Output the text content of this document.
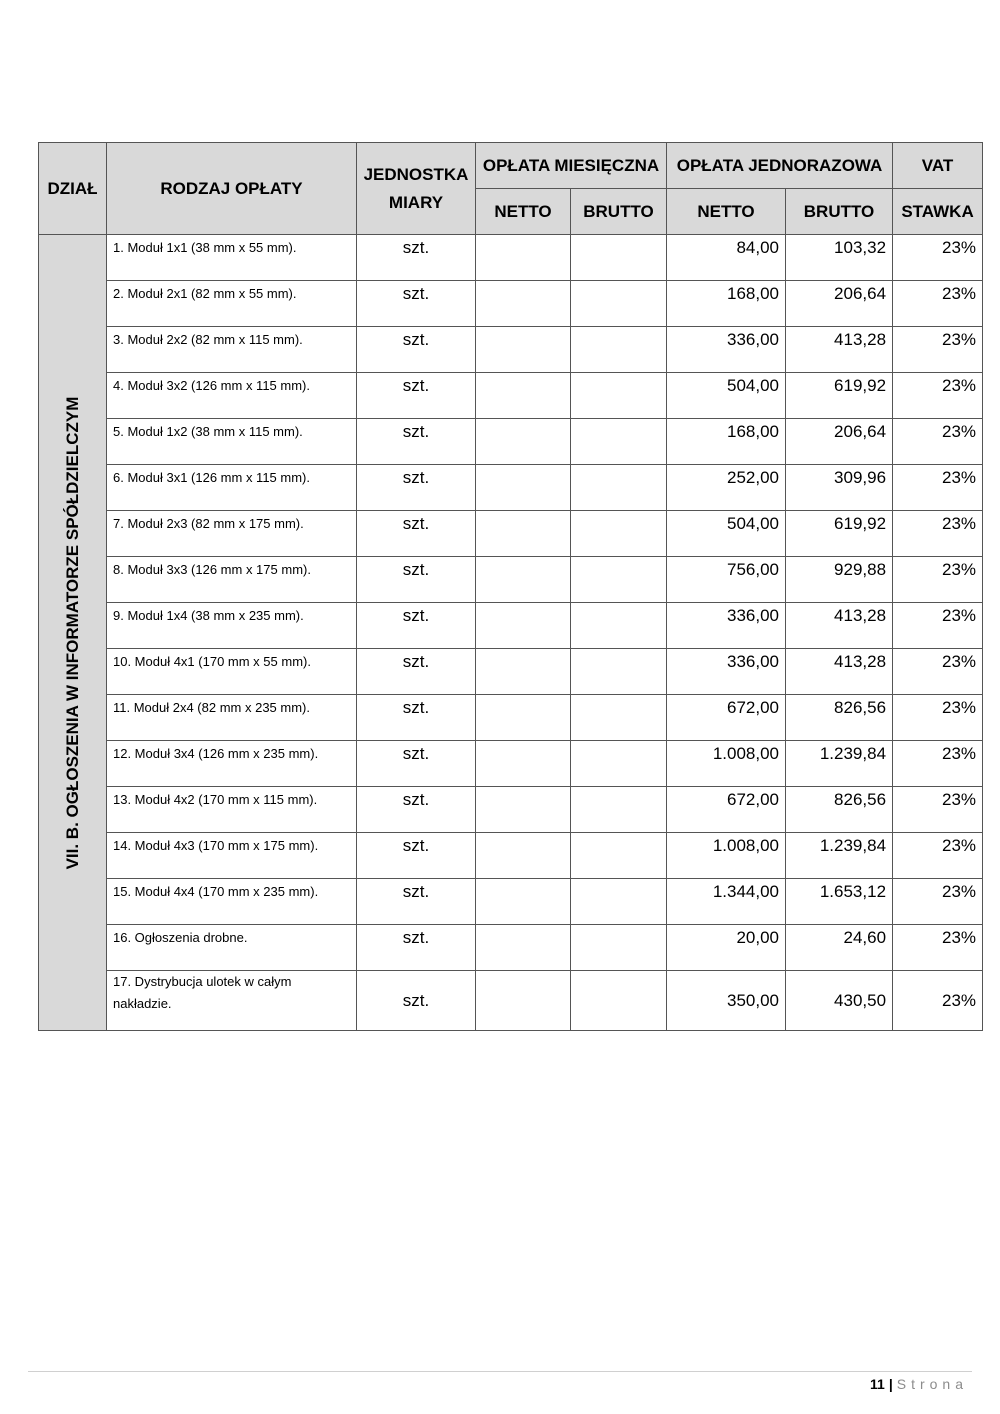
DZIAŁ	RODZAJ OPŁATY	JEDNOSTKA MIARY	OPŁATA MIESIĘCZNA		OPŁATA JEDNORAZOWA		VAT
			NETTO	BRUTTO	NETTO	BRUTTO	STAWKA

VII. B. OGŁOSZENIA W INFORMATORZE SPÓŁDZIELCZYM	1. Moduł 1x1 (38 mm x 55 mm).	szt.			84,00	103,32	23%
	2. Moduł 2x1 (82 mm x 55 mm).	szt.			168,00	206,64	23%
	3. Moduł 2x2 (82 mm x 115 mm).	szt.			336,00	413,28	23%
	4. Moduł 3x2 (126 mm x 115 mm).	szt.			504,00	619,92	23%
	5. Moduł 1x2 (38 mm x 115 mm).	szt.			168,00	206,64	23%
	6. Moduł 3x1 (126 mm x 115 mm).	szt.			252,00	309,96	23%
	7. Moduł 2x3 (82 mm x 175 mm).	szt.			504,00	619,92	23%
	8. Moduł 3x3 (126 mm x 175 mm).	szt.			756,00	929,88	23%
	9. Moduł 1x4 (38 mm x 235 mm).	szt.			336,00	413,28	23%
	10. Moduł 4x1 (170 mm x 55 mm).	szt.			336,00	413,28	23%
	11. Moduł 2x4 (82 mm x 235 mm).	szt.			672,00	826,56	23%
	12. Moduł 3x4 (126 mm x 235 mm).	szt.			1.008,00	1.239,84	23%
	13. Moduł 4x2 (170 mm x 115 mm).	szt.			672,00	826,56	23%
	14. Moduł 4x3 (170 mm x 175 mm).	szt.			1.008,00	1.239,84	23%
	15. Moduł 4x4 (170 mm x 235 mm).	szt.			1.344,00	1.653,12	23%
	16. Ogłoszenia drobne.	szt.			20,00	24,60	23%
	17. Dystrybucja ulotek w całym nakładzie.	szt.			350,00	430,50	23%
11 | Strona
